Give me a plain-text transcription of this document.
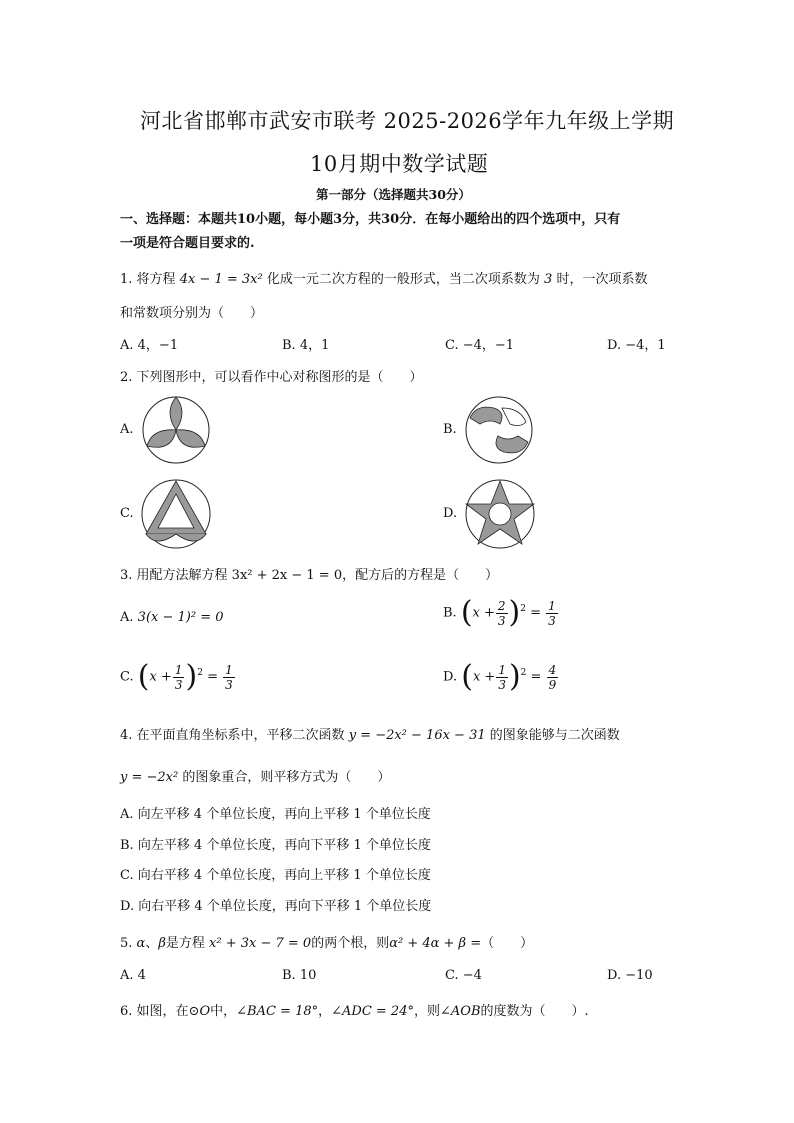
河北省邯郸市武安市联考 2025-2026学年九年级上学期
10月期中数学试题
第一部分（选择题共30分）
一、选择题：本题共10小题，每小题3分，共30分．在每小题给出的四个选项中，只有
一项是符合题目要求的.
1. 将方程 4x − 1 = 3x² 化成一元二次方程的一般形式，当二次项系数为 3 时，一次项系数
和常数项分别为（　　）
A. 4，−1	B. 4，1	C. −4，−1	D. −4，1
2. 下列图形中，可以看作中心对称图形的是（　　）
A.	B.
C.	D.
3. 用配方法解方程 3x² + 2x − 1 = 0，配方后的方程是（　　）
A. 3(x − 1)² = 0	B. $(x + \frac{2}{3} )^2 = \frac{1}{3}$
C. $(x + \frac{1}{3} )^2 = \frac{1}{3}$	D. $(x + \frac{1}{3} )^2 = \frac{4}{9}$
4. 在平面直角坐标系中，平移二次函数 y = −2x² − 16x − 31 的图象能够与二次函数
y = −2x² 的图象重合，则平移方式为（　　）
A. 向左平移 4 个单位长度，再向上平移 1 个单位长度
B. 向左平移 4 个单位长度，再向下平移 1 个单位长度
C. 向右平移 4 个单位长度，再向上平移 1 个单位长度
D. 向右平移 4 个单位长度，再向下平移 1 个单位长度
5. α、β是方程 x² + 3x − 7 = 0的两个根，则α² + 4α + β =（　　）
A. 4	B. 10	C. −4	D. −10
6. 如图，在⊙O中，∠BAC = 18°，∠ADC = 24°，则∠AOB的度数为（　　）.
